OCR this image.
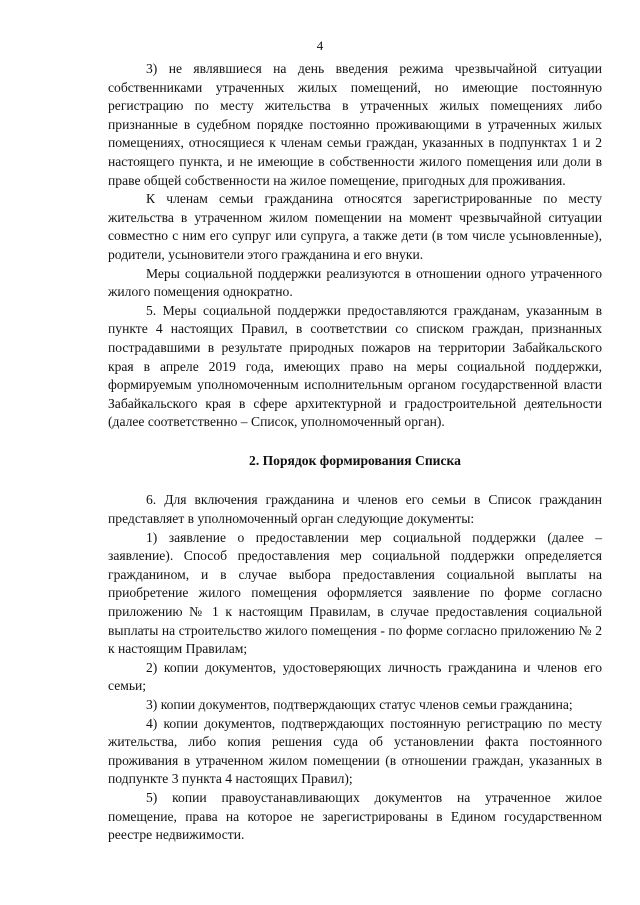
4

3) не являвшиеся на день введения режима чрезвычайной ситуации собственниками утраченных жилых помещений, но имеющие постоянную регистрацию по месту жительства в утраченных жилых помещениях либо признанные в судебном порядке постоянно проживающими в утраченных жилых помещениях, относящиеся к членам семьи граждан, указанных в подпунктах 1 и 2 настоящего пункта, и не имеющие в собственности жилого помещения или доли в праве общей собственности на жилое помещение, пригодных для проживания.

К членам семьи гражданина относятся зарегистрированные по месту жительства в утраченном жилом помещении на момент чрезвычайной ситуации совместно с ним его супруг или супруга, а также дети (в том числе усыновленные), родители, усыновители этого гражданина и его внуки.

Меры социальной поддержки реализуются в отношении одного утраченного жилого помещения однократно.

5. Меры социальной поддержки предоставляются гражданам, указанным в пункте 4 настоящих Правил, в соответствии со списком граждан, признанных пострадавшими в результате природных пожаров на территории Забайкальского края в апреле 2019 года, имеющих право на меры социальной поддержки, формируемым уполномоченным исполнительным органом государственной власти Забайкальского края в сфере архитектурной и градостроительной деятельности (далее соответственно – Список, уполномоченный орган).

2. Порядок формирования Списка

6. Для включения гражданина и членов его семьи в Список гражданин представляет в уполномоченный орган следующие документы:

1) заявление о предоставлении мер социальной поддержки (далее – заявление). Способ предоставления мер социальной поддержки определяется гражданином, и в случае выбора предоставления социальной выплаты на приобретение жилого помещения оформляется заявление по форме согласно приложению № 1 к настоящим Правилам, в случае предоставления социальной выплаты на строительство жилого помещения - по форме согласно приложению № 2 к настоящим Правилам;

2) копии документов, удостоверяющих личность гражданина и членов его семьи;

3) копии документов, подтверждающих статус членов семьи гражданина;

4) копии документов, подтверждающих постоянную регистрацию по месту жительства, либо копия решения суда об установлении факта постоянного проживания в утраченном жилом помещении (в отношении граждан, указанных в подпункте 3 пункта 4 настоящих Правил);

5) копии правоустанавливающих документов на утраченное жилое помещение, права на которое не зарегистрированы в Едином государственном реестре недвижимости.
